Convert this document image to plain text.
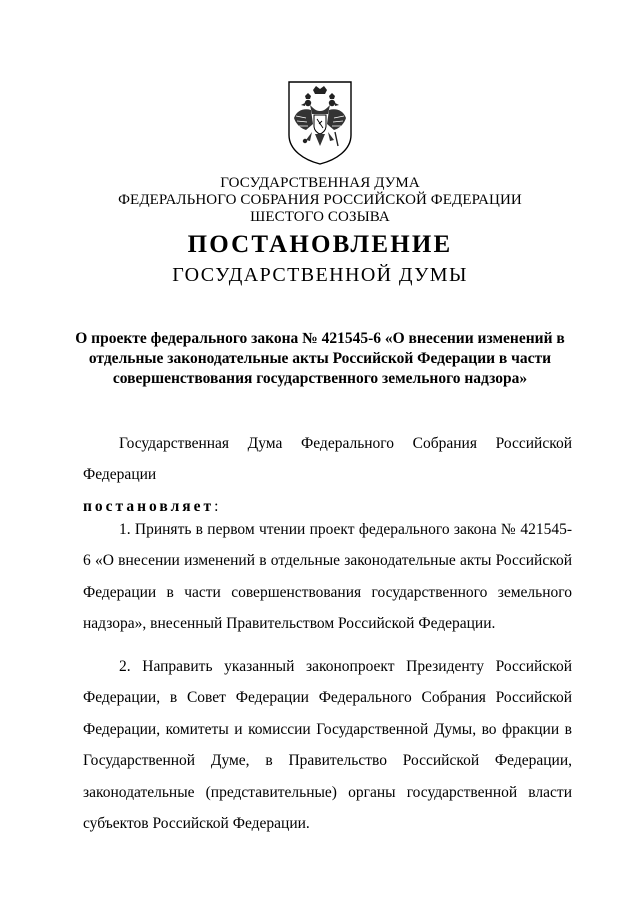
ГОСУДАРСТВЕННАЯ ДУМА
ФЕДЕРАЛЬНОГО СОБРАНИЯ РОССИЙСКОЙ ФЕДЕРАЦИИ
ШЕСТОГО СОЗЫВА
ПОСТАНОВЛЕНИЕ
ГОСУДАРСТВЕННОЙ ДУМЫ
О проекте федерального закона № 421545-6 «О внесении изменений в отдельные законодательные акты Российской Федерации в части совершенствования государственного земельного надзора»
Государственная Дума Федерального Собрания Российской Федерации
постановляет:
1. Принять в первом чтении проект федерального закона № 421545-6 «О внесении изменений в отдельные законодательные акты Российской Федерации в части совершенствования государственного земельного надзора», внесенный Правительством Российской Федерации.
2. Направить указанный законопроект Президенту Российской Федерации, в Совет Федерации Федерального Собрания Российской Федерации, комитеты и комиссии Государственной Думы, во фракции в Государственной Думе, в Правительство Российской Федерации, законодательные (представительные) органы государственной власти субъектов Российской Федерации.
